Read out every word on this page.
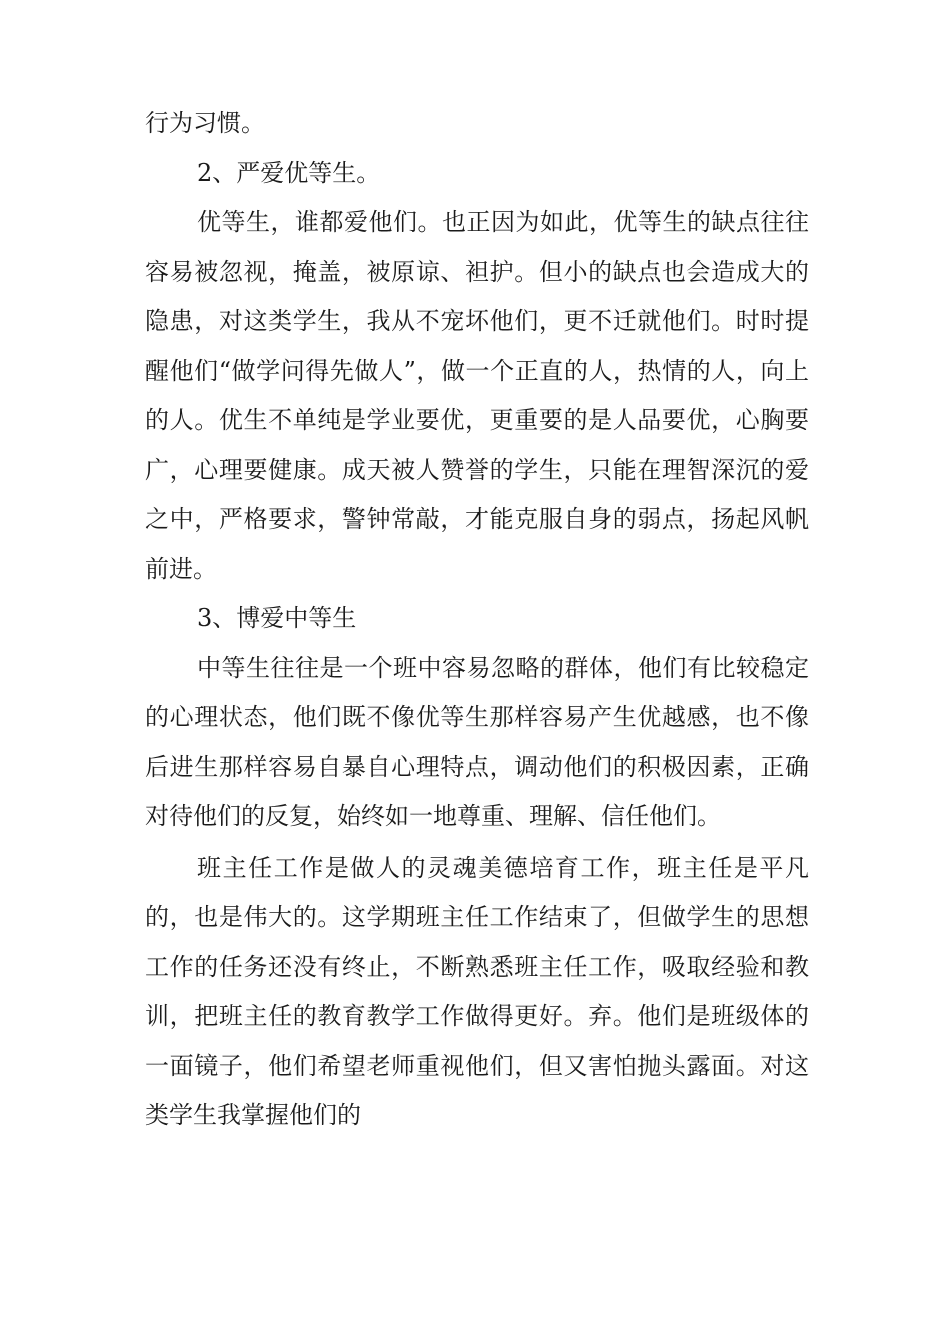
行为习惯。

2、严爱优等生。

优等生，谁都爱他们。也正因为如此，优等生的缺点往往容易被忽视，掩盖，被原谅、袒护。但小的缺点也会造成大的隐患，对这类学生，我从不宠坏他们，更不迁就他们。时时提醒他们“做学问得先做人”，做一个正直的人，热情的人，向上的人。优生不单纯是学业要优，更重要的是人品要优，心胸要广，心理要健康。成天被人赞誉的学生，只能在理智深沉的爱之中，严格要求，警钟常敲，才能克服自身的弱点，扬起风帆前进。

3、博爱中等生

中等生往往是一个班中容易忽略的群体，他们有比较稳定的心理状态，他们既不像优等生那样容易产生优越感，也不像后进生那样容易自暴自心理特点，调动他们的积极因素，正确对待他们的反复，始终如一地尊重、理解、信任他们。

班主任工作是做人的灵魂美德培育工作，班主任是平凡的，也是伟大的。这学期班主任工作结束了，但做学生的思想工作的任务还没有终止，不断熟悉班主任工作，吸取经验和教训，把班主任的教育教学工作做得更好。弃。他们是班级体的一面镜子，他们希望老师重视他们，但又害怕抛头露面。对这类学生我掌握他们的
